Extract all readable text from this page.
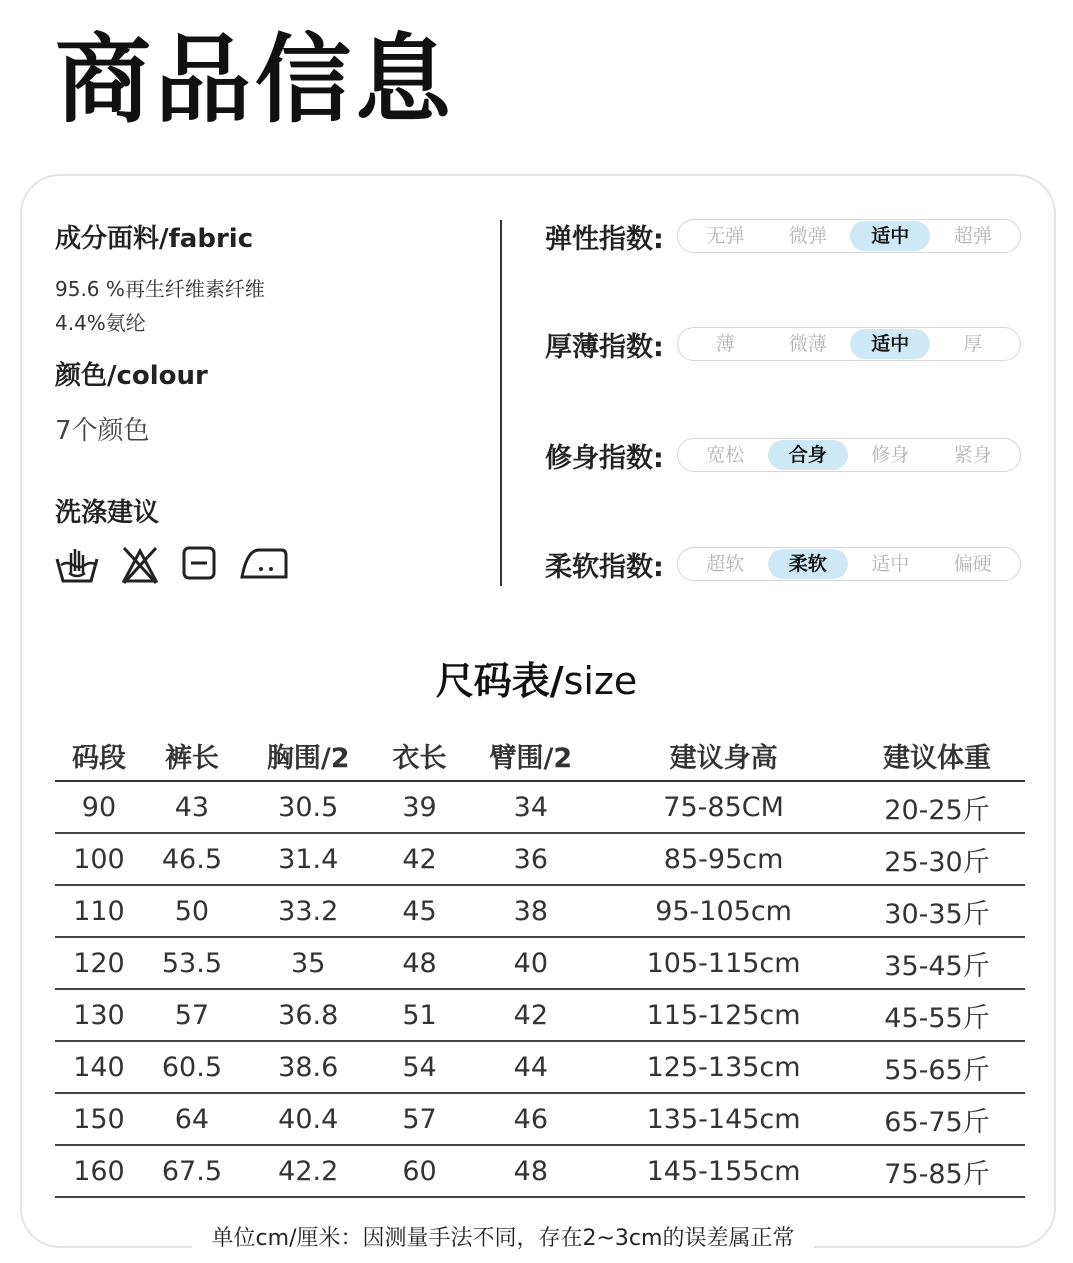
商品信息
成分面料/fabric
95.6 %再生纤维素纤维
4.4%氨纶
颜色/colour
7个颜色
洗涤建议
弹性指数:	无弹	微弹	适中	超弹
厚薄指数:	薄	微薄	适中	厚
修身指数:	宽松	合身	修身	紧身
柔软指数:	超软	柔软	适中	偏硬
尺码表/size
码段	裤长	胸围/2	衣长	臂围/2	建议身高	建议体重
90	43	30.5	39	34	75-85CM	20-25斤
100	46.5	31.4	42	36	85-95cm	25-30斤
110	50	33.2	45	38	95-105cm	30-35斤
120	53.5	35	48	40	105-115cm	35-45斤
130	57	36.8	51	42	115-125cm	45-55斤
140	60.5	38.6	54	44	125-135cm	55-65斤
150	64	40.4	57	46	135-145cm	65-75斤
160	67.5	42.2	60	48	145-155cm	75-85斤
单位cm/厘米：因测量手法不同，存在2~3cm的误差属正常
